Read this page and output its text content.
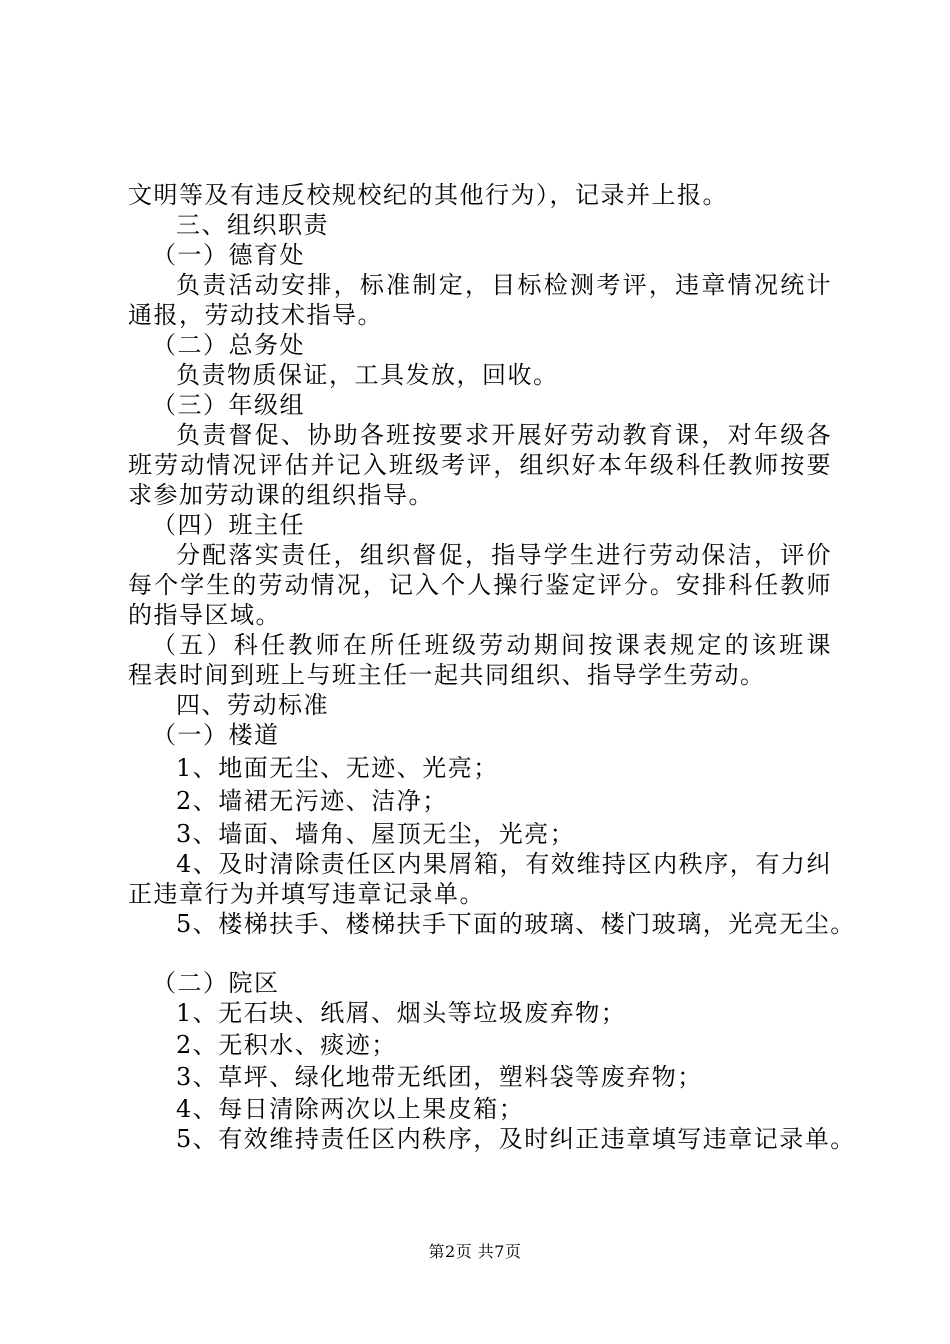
文明等及有违反校规校纪的其他行为），记录并上报。
三、组织职责
（一）德育处
负责活动安排，标准制定，目标检测考评，违章情况统计
通报，劳动技术指导。
（二）总务处
负责物质保证，工具发放，回收。
（三）年级组
负责督促、协助各班按要求开展好劳动教育课，对年级各
班劳动情况评估并记入班级考评，组织好本年级科任教师按要
求参加劳动课的组织指导。
（四）班主任
分配落实责任，组织督促，指导学生进行劳动保洁，评价
每个学生的劳动情况，记入个人操行鉴定评分。安排科任教师
的指导区域。
（五）科任教师在所任班级劳动期间按课表规定的该班课
程表时间到班上与班主任一起共同组织、指导学生劳动。
四、劳动标准
（一）楼道
1、地面无尘、无迹、光亮；
2、墙裙无污迹、洁净；
3、墙面、墙角、屋顶无尘，光亮；
4、及时清除责任区内果屑箱，有效维持区内秩序，有力纠
正违章行为并填写违章记录单。
5、楼梯扶手、楼梯扶手下面的玻璃、楼门玻璃，光亮无尘。
（二）院区
1、无石块、纸屑、烟头等垃圾废弃物；
2、无积水、痰迹；
3、草坪、绿化地带无纸团，塑料袋等废弃物；
4、每日清除两次以上果皮箱；
5、有效维持责任区内秩序，及时纠正违章填写违章记录单。
第2页 共7页
